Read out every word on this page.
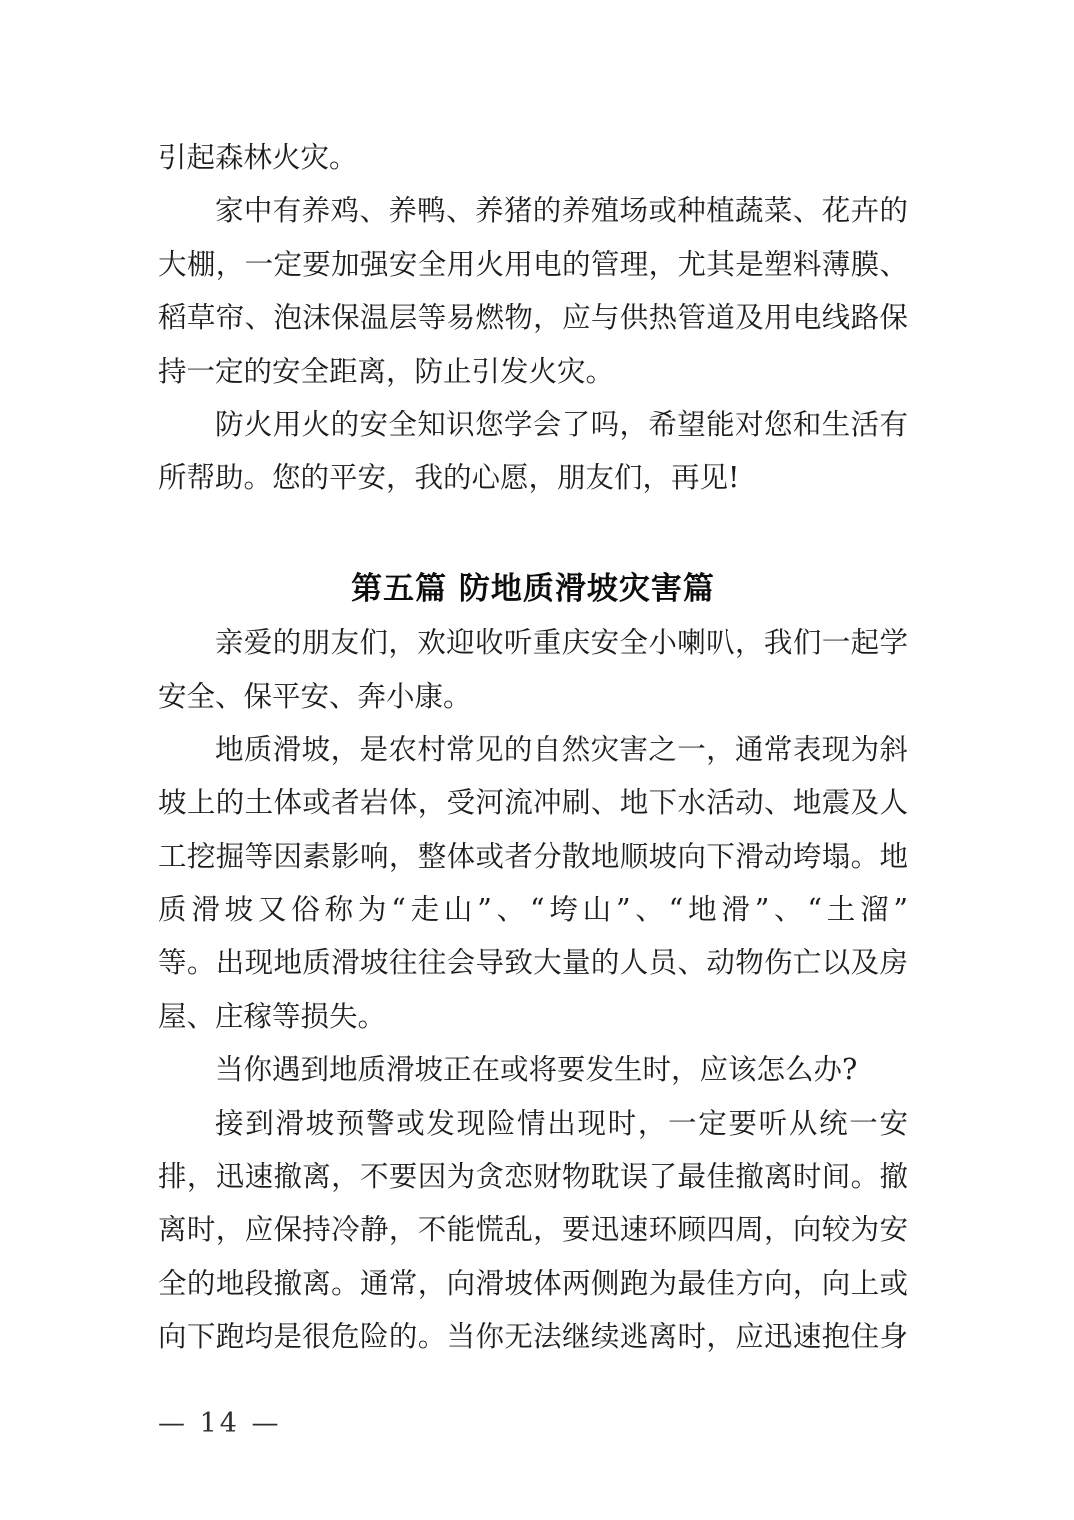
引起森林火灾。
家中有养鸡、养鸭、养猪的养殖场或种植蔬菜、花卉的
大棚，一定要加强安全用火用电的管理，尤其是塑料薄膜、
稻草帘、泡沫保温层等易燃物，应与供热管道及用电线路保
持一定的安全距离，防止引发火灾。
防火用火的安全知识您学会了吗，希望能对您和生活有
所帮助。您的平安，我的心愿，朋友们，再见!
第五篇 防地质滑坡灾害篇
亲爱的朋友们，欢迎收听重庆安全小喇叭，我们一起学
安全、保平安、奔小康。
地质滑坡，是农村常见的自然灾害之一，通常表现为斜
坡上的土体或者岩体，受河流冲刷、地下水活动、地震及人
工挖掘等因素影响，整体或者分散地顺坡向下滑动垮塌。地
质滑坡又俗称为“走山”、“垮山”、“地滑”、“土溜”
等。出现地质滑坡往往会导致大量的人员、动物伤亡以及房
屋、庄稼等损失。
当你遇到地质滑坡正在或将要发生时，应该怎么办?
接到滑坡预警或发现险情出现时，一定要听从统一安
排，迅速撤离，不要因为贪恋财物耽误了最佳撤离时间。撤
离时，应保持冷静，不能慌乱，要迅速环顾四周，向较为安
全的地段撤离。通常，向滑坡体两侧跑为最佳方向，向上或
向下跑均是很危险的。当你无法继续逃离时，应迅速抱住身
— 14 —
